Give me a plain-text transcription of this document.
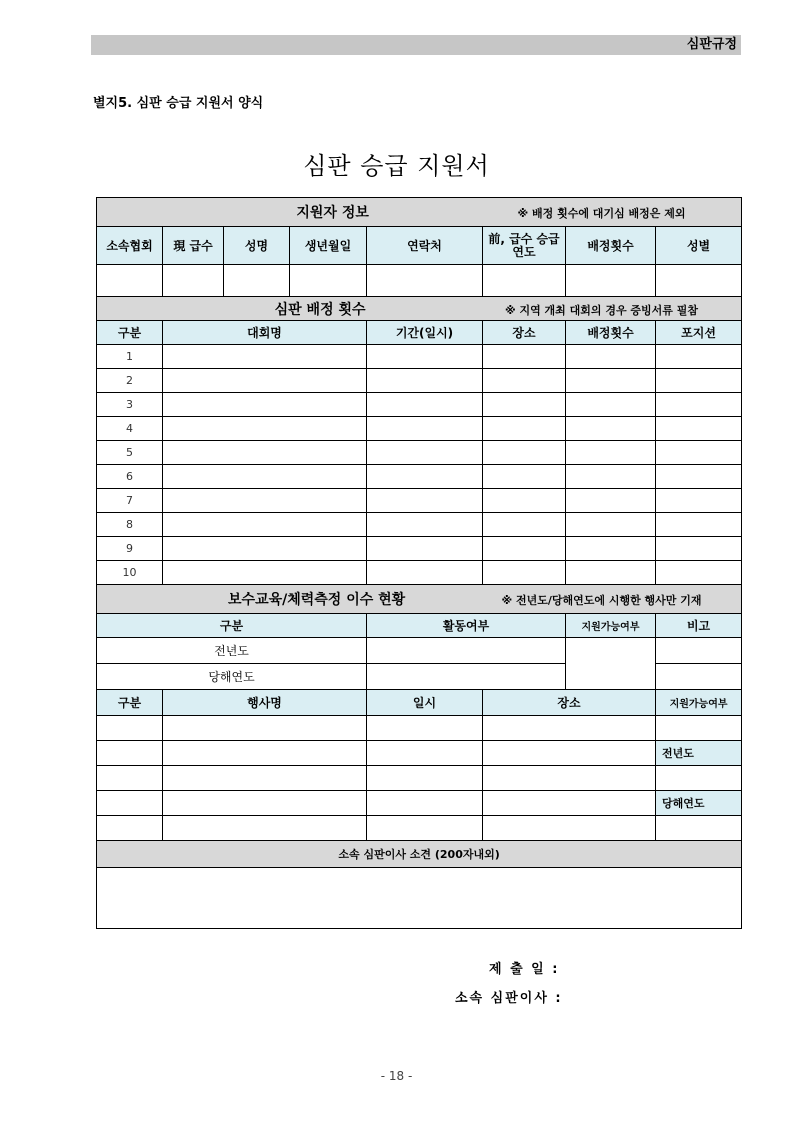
심판규정
별지5. 심판 승급 지원서 양식
심판 승급 지원서
지원자 정보 ※ 배정 횟수에 대기심 배정은 제외							
소속협회	現 급수	성명	생년월일	연락처	前, 급수 승급연도	배정횟수	성별

심판 배정 횟수 ※ 지역 개최 대회의 경우 증빙서류 필참							
구분	대회명			기간(일시)	장소	배정횟수	포지션
1							
2							
3							
4							
5							
6							
7							
8							
9							
10							
보수교육/체력측정 이수 현황 ※ 전년도/당해연도에 시행한 행사만 기재							
구분				활동여부		지원가능여부	비고
전년도							
당해연도							
구분	행사명			일시	장소		지원가능여부

							전년도

							당해연도

소속 심판이사 소견 (200자내외)							

제 출 일 :
소속 심판이사 :
- 18 -
